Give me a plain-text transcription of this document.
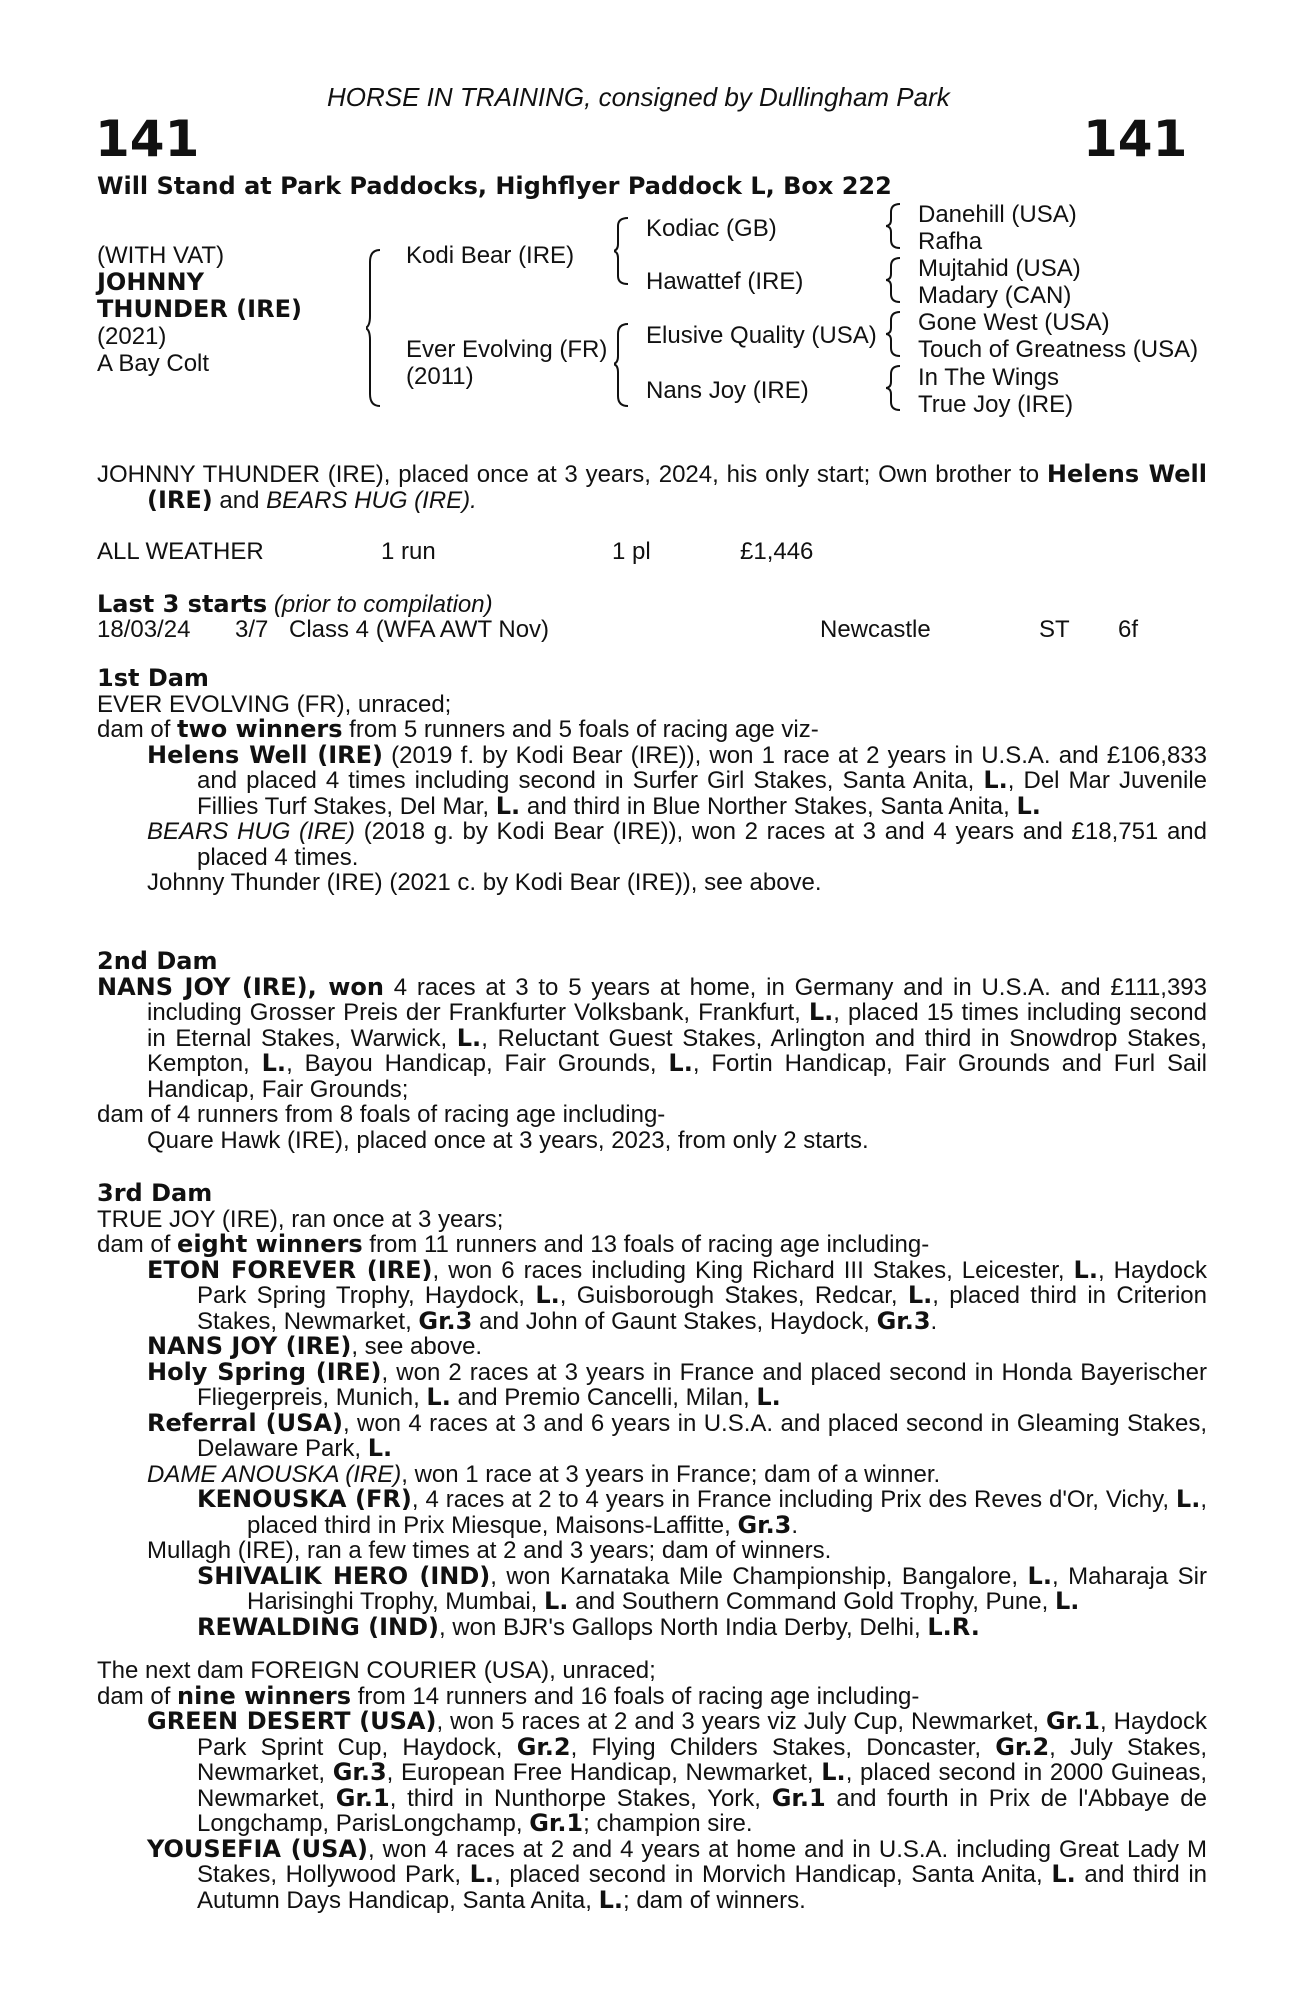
HORSE IN TRAINING, consigned by Dullingham Park
141	141
Will Stand at Park Paddocks, Highflyer Paddock L, Box 222
(WITH VAT)
JOHNNY
THUNDER (IRE)
(2021)
A Bay Colt
Kodi Bear (IRE)
Ever Evolving (FR)
(2011)
Kodiac (GB)
Hawattef (IRE)
Elusive Quality (USA)
Nans Joy (IRE)
Danehill (USA)
Rafha
Mujtahid (USA)
Madary (CAN)
Gone West (USA)
Touch of Greatness (USA)
In The Wings
True Joy (IRE)

JOHNNY THUNDER (IRE), placed once at 3 years, 2024, his only start; Own brother to Helens Well (IRE) and BEARS HUG (IRE).

ALL WEATHER	1 run	1 pl	£1,446
Last 3 starts (prior to compilation)
18/03/24 3/7 Class 4 (WFA AWT Nov)	Newcastle	ST 6f

1st Dam

EVER EVOLVING (FR), unraced;

dam of two winners from 5 runners and 5 foals of racing age viz-

Helens Well (IRE) (2019 f. by Kodi Bear (IRE)), won 1 race at 2 years in U.S.A. and £106,833 and placed 4 times including second in Surfer Girl Stakes, Santa Anita, L., Del Mar Juvenile Fillies Turf Stakes, Del Mar, L. and third in Blue Norther Stakes, Santa Anita, L.

BEARS HUG (IRE) (2018 g. by Kodi Bear (IRE)), won 2 races at 3 and 4 years and £18,751 and placed 4 times.

Johnny Thunder (IRE) (2021 c. by Kodi Bear (IRE)), see above.

2nd Dam

NANS JOY (IRE), won 4 races at 3 to 5 years at home, in Germany and in U.S.A. and £111,393 including Grosser Preis der Frankfurter Volksbank, Frankfurt, L., placed 15 times including second in Eternal Stakes, Warwick, L., Reluctant Guest Stakes, Arlington and third in Snowdrop Stakes, Kempton, L., Bayou Handicap, Fair Grounds, L., Fortin Handicap, Fair Grounds and Furl Sail Handicap, Fair Grounds;

dam of 4 runners from 8 foals of racing age including-

Quare Hawk (IRE), placed once at 3 years, 2023, from only 2 starts.

3rd Dam

TRUE JOY (IRE), ran once at 3 years;

dam of eight winners from 11 runners and 13 foals of racing age including-

ETON FOREVER (IRE), won 6 races including King Richard III Stakes, Leicester, L., Haydock Park Spring Trophy, Haydock, L., Guisborough Stakes, Redcar, L., placed third in Criterion Stakes, Newmarket, Gr.3 and John of Gaunt Stakes, Haydock, Gr.3.

NANS JOY (IRE), see above.

Holy Spring (IRE), won 2 races at 3 years in France and placed second in Honda Bayerischer Fliegerpreis, Munich, L. and Premio Cancelli, Milan, L.

Referral (USA), won 4 races at 3 and 6 years in U.S.A. and placed second in Gleaming Stakes, Delaware Park, L.

DAME ANOUSKA (IRE), won 1 race at 3 years in France; dam of a winner.

KENOUSKA (FR), 4 races at 2 to 4 years in France including Prix des Reves d'Or, Vichy, L., placed third in Prix Miesque, Maisons-Laffitte, Gr.3.

Mullagh (IRE), ran a few times at 2 and 3 years; dam of winners.

SHIVALIK HERO (IND), won Karnataka Mile Championship, Bangalore, L., Maharaja Sir Harisinghi Trophy, Mumbai, L. and Southern Command Gold Trophy, Pune, L.

REWALDING (IND), won BJR's Gallops North India Derby, Delhi, L.R.

The next dam FOREIGN COURIER (USA), unraced;

dam of nine winners from 14 runners and 16 foals of racing age including-

GREEN DESERT (USA), won 5 races at 2 and 3 years viz July Cup, Newmarket, Gr.1, Haydock Park Sprint Cup, Haydock, Gr.2, Flying Childers Stakes, Doncaster, Gr.2, July Stakes, Newmarket, Gr.3, European Free Handicap, Newmarket, L., placed second in 2000 Guineas, Newmarket, Gr.1, third in Nunthorpe Stakes, York, Gr.1 and fourth in Prix de l'Abbaye de Longchamp, ParisLongchamp, Gr.1; champion sire.

YOUSEFIA (USA), won 4 races at 2 and 4 years at home and in U.S.A. including Great Lady M Stakes, Hollywood Park, L., placed second in Morvich Handicap, Santa Anita, L. and third in Autumn Days Handicap, Santa Anita, L.; dam of winners.
